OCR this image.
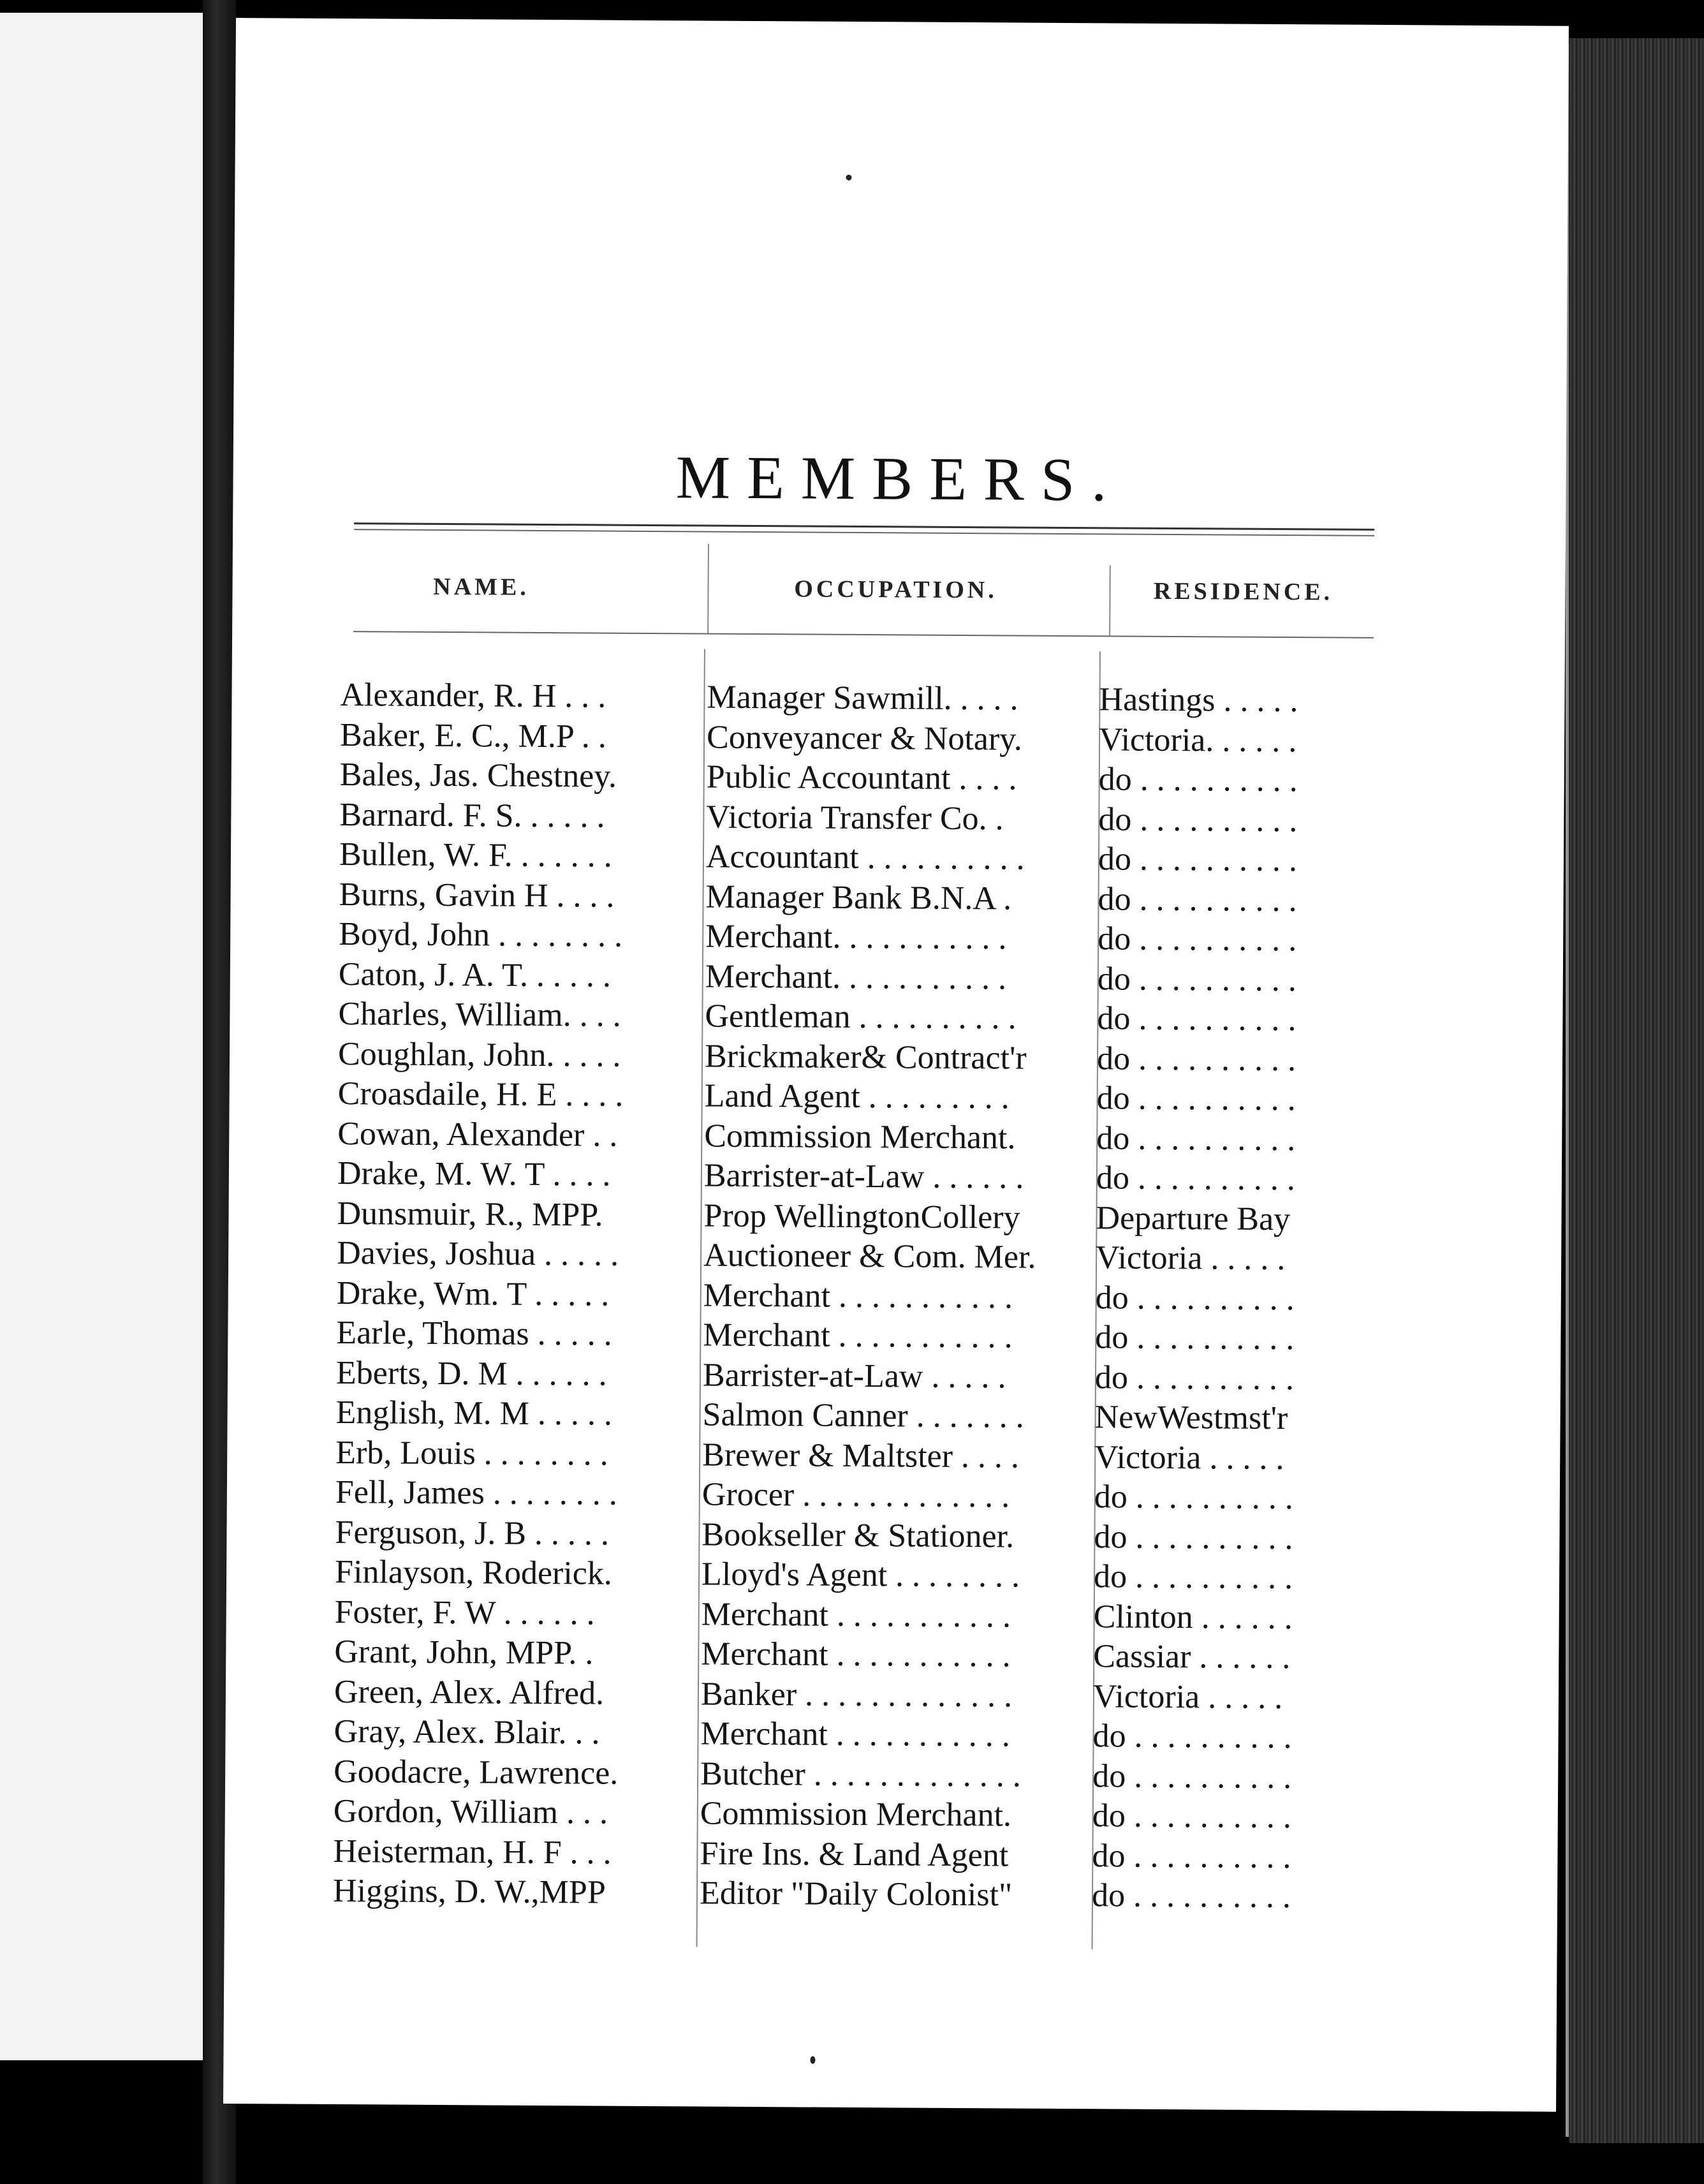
MEMBERS.
NAME.	OCCUPATION.	RESIDENCE.
Alexander, R. H . . .	Manager Sawmill. . . . .	Hastings . . . . .
Baker, E. C., M.P . .	Conveyancer & Notary.	Victoria. . . . . .
Bales, Jas. Chestney.	Public Accountant . . . .	do . . . . . . . . . .
Barnard. F. S. . . . . .	Victoria Transfer Co. .	do . . . . . . . . . .
Bullen, W. F. . . . . . .	Accountant . . . . . . . . . .	do . . . . . . . . . .
Burns, Gavin H . . . .	Manager Bank B.N.A .	do . . . . . . . . . .
Boyd, John . . . . . . . .	Merchant. . . . . . . . . . .	do . . . . . . . . . .
Caton, J. A. T. . . . . .	Merchant. . . . . . . . . . .	do . . . . . . . . . .
Charles, William. . . .	Gentleman . . . . . . . . . .	do . . . . . . . . . .
Coughlan, John. . . . .	Brickmaker& Contract'r	do . . . . . . . . . .
Croasdaile, H. E . . . .	Land Agent . . . . . . . . .	do . . . . . . . . . .
Cowan, Alexander . .	Commission Merchant.	do . . . . . . . . . .
Drake, M. W. T . . . .	Barrister-at-Law . . . . . .	do . . . . . . . . . .
Dunsmuir, R., MPP.	Prop WellingtonCollery	Departure Bay
Davies, Joshua . . . . .	Auctioneer & Com. Mer.	Victoria . . . . .
Drake, Wm. T . . . . .	Merchant . . . . . . . . . . .	do . . . . . . . . . .
Earle, Thomas . . . . .	Merchant . . . . . . . . . . .	do . . . . . . . . . .
Eberts, D. M . . . . . .	Barrister-at-Law . . . . .	do . . . . . . . . . .
English, M. M . . . . .	Salmon Canner . . . . . . .	NewWestmst'r
Erb, Louis . . . . . . . .	Brewer & Maltster . . . .	Victoria . . . . .
Fell, James . . . . . . . .	Grocer . . . . . . . . . . . . .	do . . . . . . . . . .
Ferguson, J. B . . . . .	Bookseller & Stationer.	do . . . . . . . . . .
Finlayson, Roderick.	Lloyd's Agent . . . . . . . .	do . . . . . . . . . .
Foster, F. W . . . . . .	Merchant . . . . . . . . . . .	Clinton . . . . . .
Grant, John, MPP. .	Merchant . . . . . . . . . . .	Cassiar . . . . . .
Green, Alex. Alfred.	Banker . . . . . . . . . . . . .	Victoria . . . . .
Gray, Alex. Blair. . .	Merchant . . . . . . . . . . .	do . . . . . . . . . .
Goodacre, Lawrence.	Butcher . . . . . . . . . . . . .	do . . . . . . . . . .
Gordon, William . . .	Commission Merchant.	do . . . . . . . . . .
Heisterman, H. F . . .	Fire Ins. & Land Agent	do . . . . . . . . . .
Higgins, D. W.,MPP	Editor "Daily Colonist"	do . . . . . . . . . .
